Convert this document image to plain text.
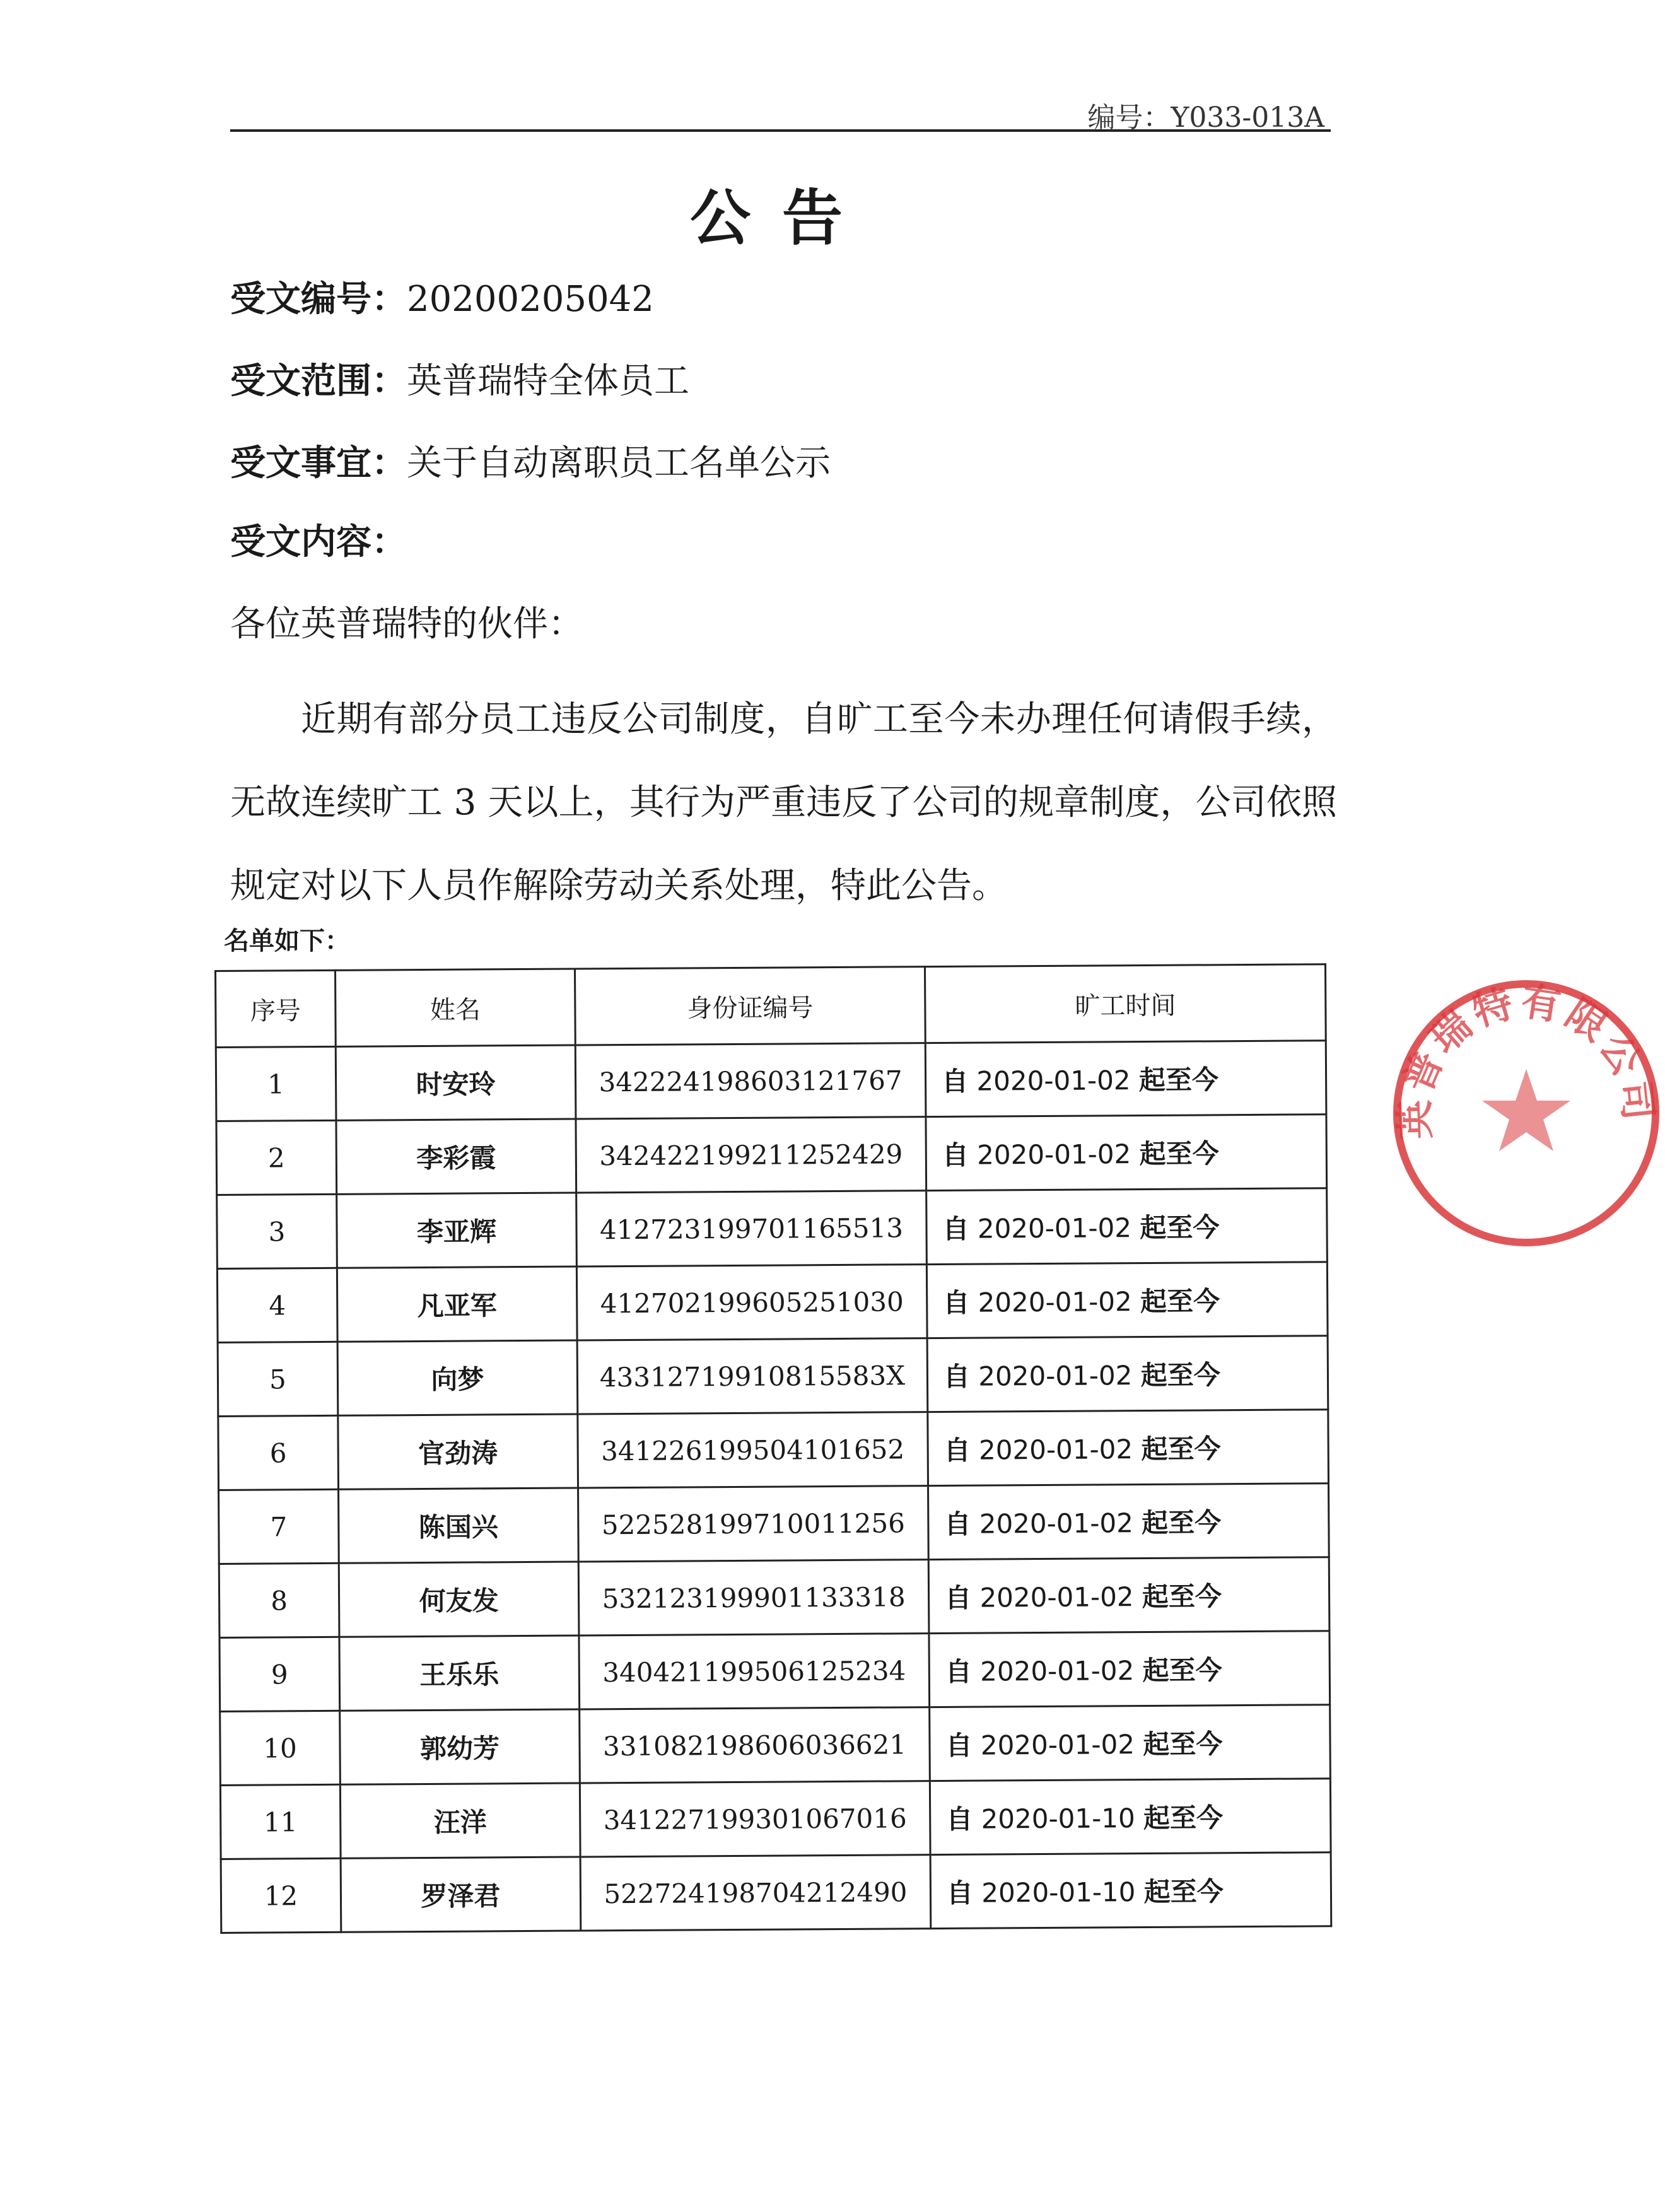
编号：Y033-013A
公告
受文编号：20200205042
受文范围：英普瑞特全体员工
受文事宜：关于自动离职员工名单公示
受文内容：
各位英普瑞特的伙伴：
近期有部分员工违反公司制度，自旷工至今未办理任何请假手续，无故连续旷工 3 天以上，其行为严重违反了公司的规章制度，公司依照规定对以下人员作解除劳动关系处理，特此公告。
名单如下：
序号	姓名	身份证编号	旷工时间
1	时安玲	342224198603121767	自 2020-01-02 起至今
2	李彩霞	342422199211252429	自 2020-01-02 起至今
3	李亚辉	412723199701165513	自 2020-01-02 起至今
4	凡亚军	412702199605251030	自 2020-01-02 起至今
5	向梦	43312719910815583X	自 2020-01-02 起至今
6	官劲涛	341226199504101652	自 2020-01-02 起至今
7	陈国兴	522528199710011256	自 2020-01-02 起至今
8	何友发	532123199901133318	自 2020-01-02 起至今
9	王乐乐	340421199506125234	自 2020-01-02 起至今
10	郭幼芳	331082198606036621	自 2020-01-02 起至今
11	汪洋	341227199301067016	自 2020-01-10 起至今
12	罗泽君	522724198704212490	自 2020-01-10 起至今
英普瑞特有限公司
